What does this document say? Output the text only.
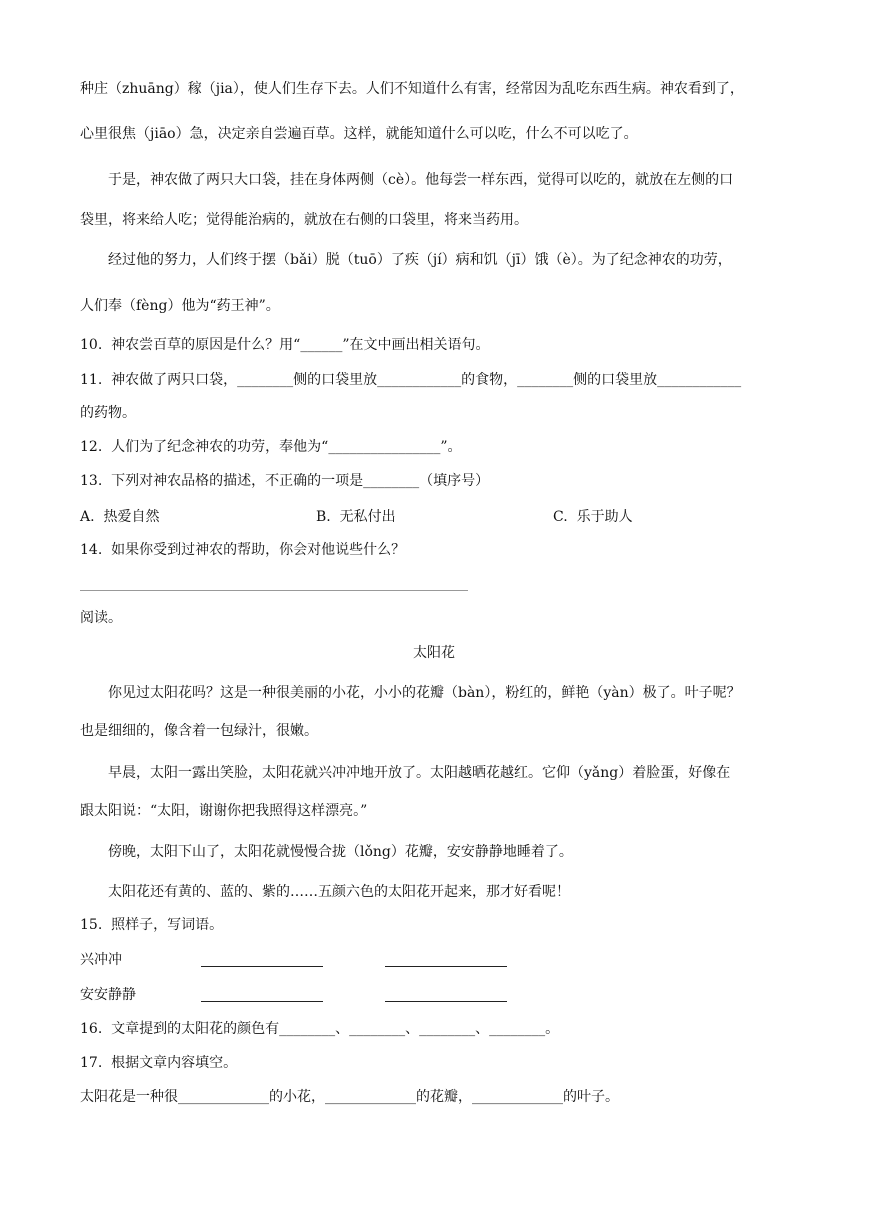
种庄（zhuāng）稼（jia），使人们生存下去。人们不知道什么有害，经常因为乱吃东西生病。神农看到了，
心里很焦（jiāo）急，决定亲自尝遍百草。这样，就能知道什么可以吃，什么不可以吃了。
于是，神农做了两只大口袋，挂在身体两侧（cè）。他每尝一样东西，觉得可以吃的，就放在左侧的口
袋里，将来给人吃；觉得能治病的，就放在右侧的口袋里，将来当药用。
经过他的努力，人们终于摆（bǎi）脱（tuō）了疾（jí）病和饥（jī）饿（è）。为了纪念神农的功劳，
人们奉（fèng）他为“药王神”。
10.  神农尝百草的原因是什么？用“______”在文中画出相关语句。
11.  神农做了两只口袋，________侧的口袋里放____________的食物，________侧的口袋里放____________
的药物。
12.  人们为了纪念神农的功劳，奉他为“________________”。
13.  下列对神农品格的描述，不正确的一项是________（填序号）
A.  热爱自然	B.  无私付出	C.  乐于助人
14.  如果你受到过神农的帮助，你会对他说些什么？
阅读。
太阳花
你见过太阳花吗？这是一种很美丽的小花，小小的花瓣（bàn），粉红的，鲜艳（yàn）极了。叶子呢？
也是细细的，像含着一包绿汁，很嫩。
早晨，太阳一露出笑脸，太阳花就兴冲冲地开放了。太阳越晒花越红。它仰（yǎng）着脸蛋，好像在
跟太阳说：“太阳，谢谢你把我照得这样漂亮。”
傍晚，太阳下山了，太阳花就慢慢合拢（lǒng）花瓣，安安静静地睡着了。
太阳花还有黄的、蓝的、紫的……五颜六色的太阳花开起来，那才好看呢！
15.  照样子，写词语。
兴冲冲
安安静静
16.  文章提到的太阳花的颜色有________、________、________、________。
17.  根据文章内容填空。
太阳花是一种很_____________的小花，_____________的花瓣，_____________的叶子。
